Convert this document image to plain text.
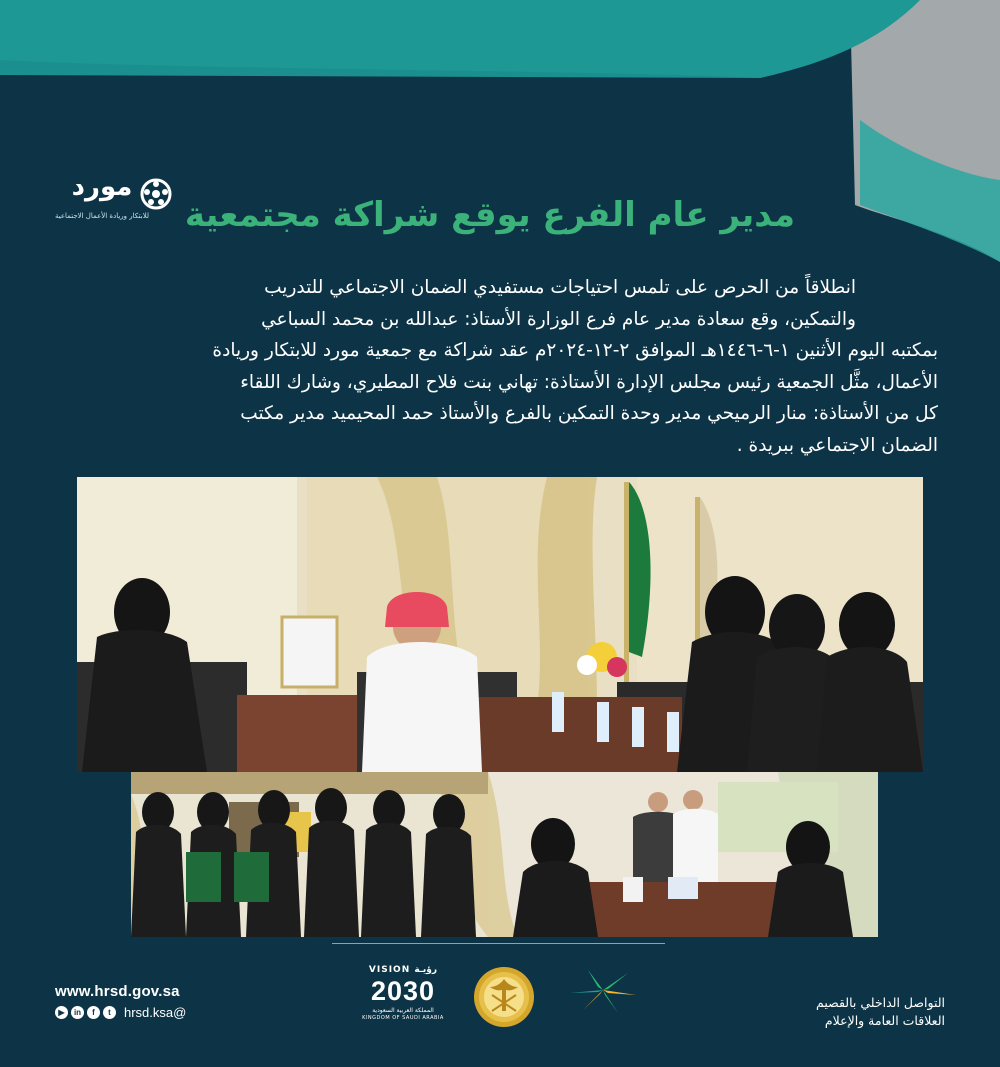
مورد
للابتكار وريادة الأعمال الاجتماعية مدير عام الفرع يوقع شراكة مجتمعية
انطلاقاً من الحرص على تلمس احتياجات مستفيدي الضمان الاجتماعي للتدريب
والتمكين، وقع سعادة مدير عام فرع الوزارة الأستاذ: عبدالله بن محمد السباعي
بمكتبه اليوم الأثنين ١-٦-١٤٤٦هـ الموافق ٢-١٢-٢٠٢٤م عقد شراكة مع جمعية مورد للابتكار وريادة
الأعمال، مثَّل الجمعية رئيس مجلس الإدارة الأستاذة: تهاني بنت فلاح المطيري، وشارك اللقاء
كل من الأستاذة: منار الرميحي مدير وحدة التمكين بالفرع والأستاذ حمد المحيميد مدير مكتب
الضمان الاجتماعي ببريدة .
www.hrsd.gov.sa
▶	in	f	t	hrsd.ksa@
VISION رؤيـة
2030
المملكة العربية السعودية
KINGDOM OF SAUDI ARABIA
التواصل الداخلي بالقصيم
العلاقات العامة والإعلام
